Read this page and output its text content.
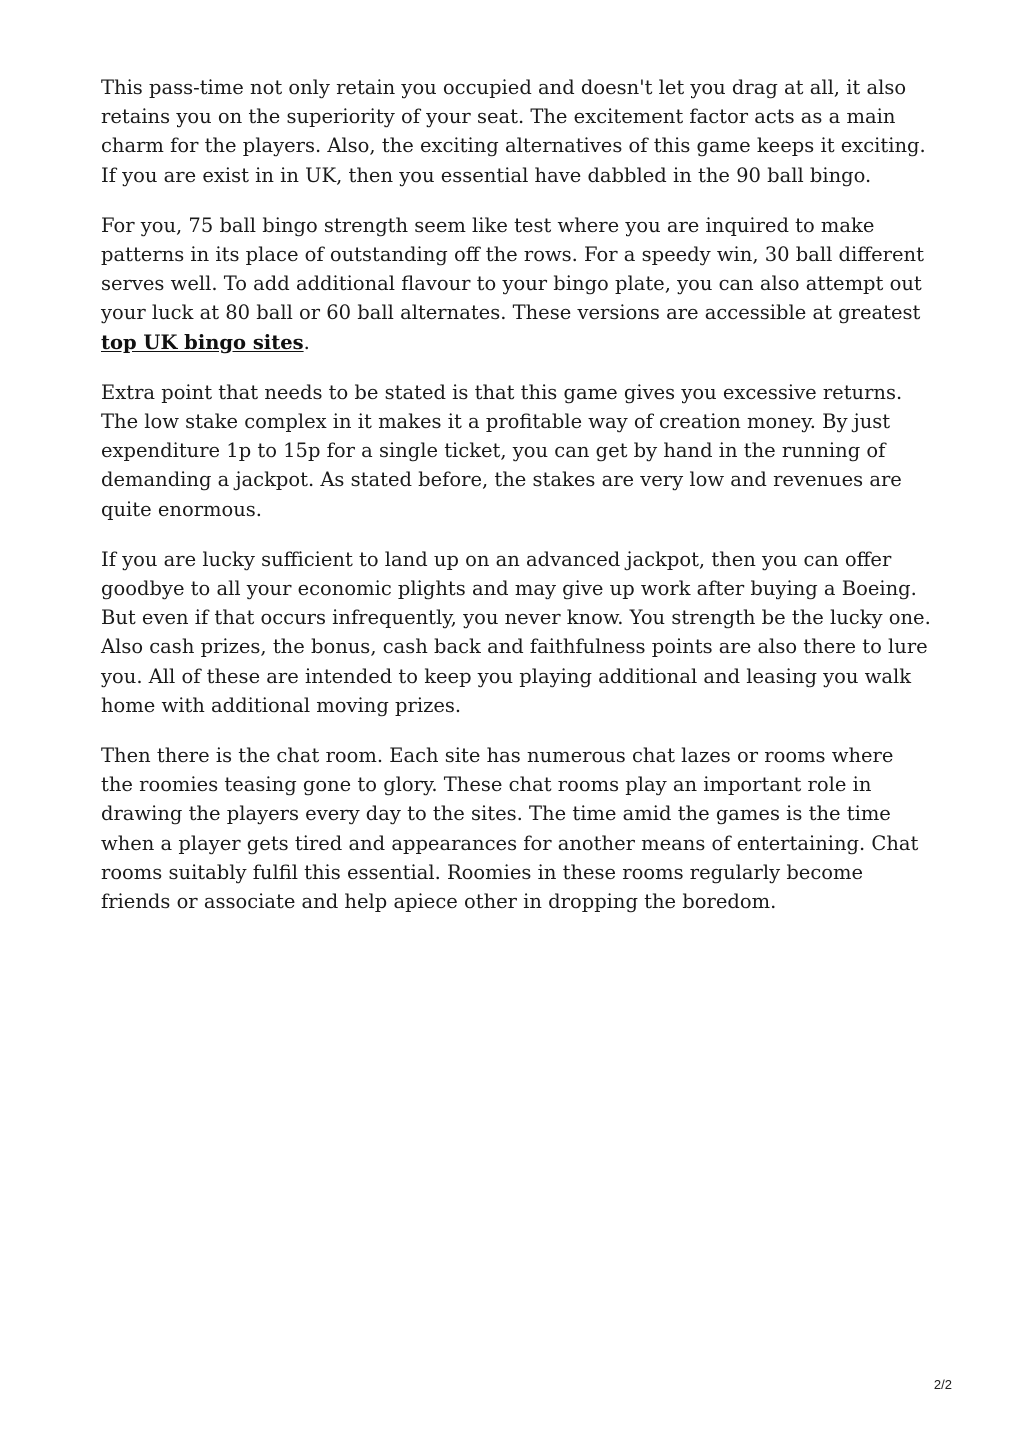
This pass-time not only retain you occupied and doesn't let you drag at all, it also retains you on the superiority of your seat. The excitement factor acts as a main charm for the players. Also, the exciting alternatives of this game keeps it exciting. If you are exist in in UK, then you essential have dabbled in the 90 ball bingo.

For you, 75 ball bingo strength seem like test where you are inquired to make patterns in its place of outstanding off the rows. For a speedy win, 30 ball different serves well. To add additional flavour to your bingo plate, you can also attempt out your luck at 80 ball or 60 ball alternates. These versions are accessible at greatest top UK bingo sites.

Extra point that needs to be stated is that this game gives you excessive returns. The low stake complex in it makes it a profitable way of creation money. By just expenditure 1p to 15p for a single ticket, you can get by hand in the running of demanding a jackpot. As stated before, the stakes are very low and revenues are quite enormous.

If you are lucky sufficient to land up on an advanced jackpot, then you can offer goodbye to all your economic plights and may give up work after buying a Boeing. But even if that occurs infrequently, you never know. You strength be the lucky one. Also cash prizes, the bonus, cash back and faithfulness points are also there to lure you. All of these are intended to keep you playing additional and leasing you walk home with additional moving prizes.

Then there is the chat room. Each site has numerous chat lazes or rooms where the roomies teasing gone to glory. These chat rooms play an important role in drawing the players every day to the sites. The time amid the games is the time when a player gets tired and appearances for another means of entertaining. Chat rooms suitably fulfil this essential. Roomies in these rooms regularly become friends or associate and help apiece other in dropping the boredom.

2/2
